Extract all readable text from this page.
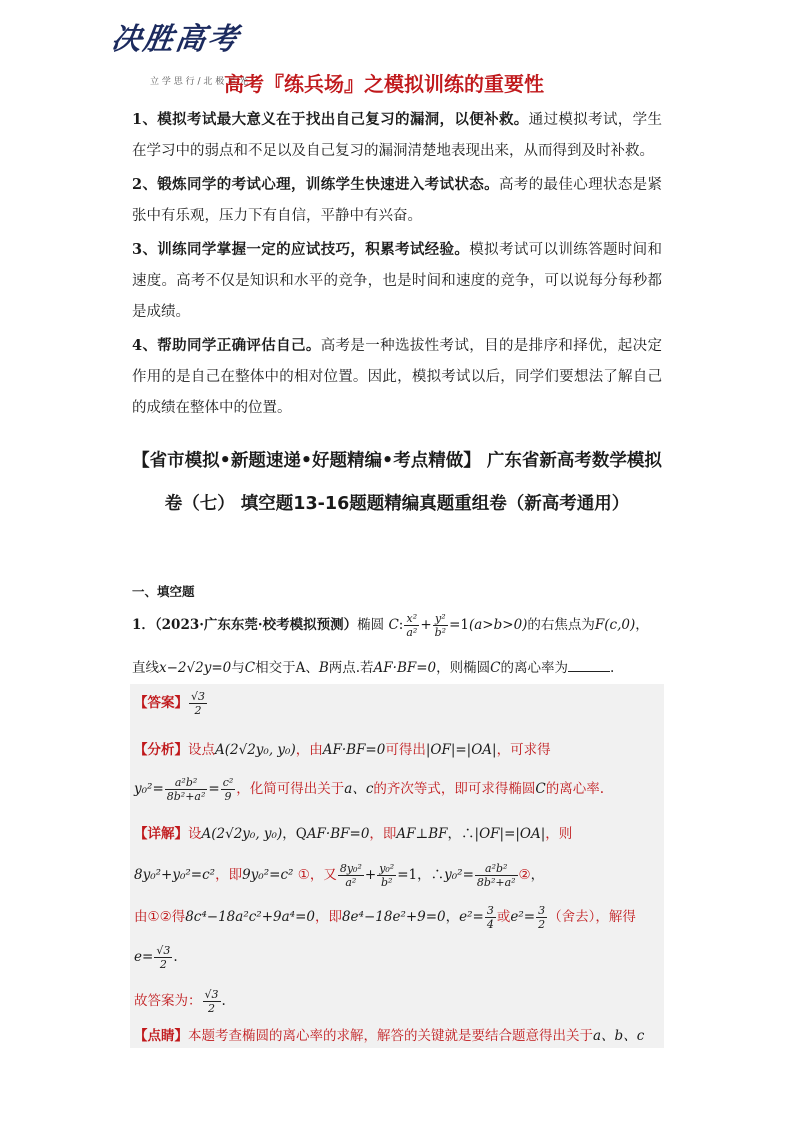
决胜高考
立 学 思 行 / 北 极 星 光
高考『练兵场』之模拟训练的重要性

1、模拟考试最大意义在于找出自己复习的漏洞，以便补救。通过模拟考试，学生在学习中的弱点和不足以及自己复习的漏洞清楚地表现出来，从而得到及时补救。

2、锻炼同学的考试心理，训练学生快速进入考试状态。高考的最佳心理状态是紧张中有乐观，压力下有自信，平静中有兴奋。

3、训练同学掌握一定的应试技巧，积累考试经验。模拟考试可以训练答题时间和速度。高考不仅是知识和水平的竞争，也是时间和速度的竞争，可以说每分每秒都是成绩。

4、帮助同学正确评估自己。高考是一种选拔性考试，目的是排序和择优，起决定作用的是自己在整体中的相对位置。因此，模拟考试以后，同学们要想法了解自己的成绩在整体中的位置。

【省市模拟•新题速递•好题精编•考点精做】 广东省新高考数学模拟卷（七） 填空题13-16题题精编真题重组卷（新高考通用）
一、填空题
1．（2023·广东东莞·校考模拟预测）椭圆 C: $\frac{\text{x²}}{\text{a²}} + \frac{\text{y²}}{\text{b²}} =1(a>b>0)$的右焦点为F(c,0)，
直线x−2√2y=0与C相交于A、B两点.若AF·BF=0，则椭圆C的离心率为	.
【答案】 $\frac{√3}{2}$
【分析】设点A(2√2y₀, y₀)，由AF·BF=0可得出|OF|=|OA|，可求得
$y_0^2= \frac{\text{a²b²}}{\text{8b²+a²}} = \frac{\text{c²}}{9}$ ，化简可得出关于a、c的齐次等式，即可求得椭圆C的离心率.
【详解】设A(2√2y₀, y₀)，QAF·BF=0，即AF⊥BF，∴|OF|=|OA|，则
8y₀²+y₀²=c²，即9y₀²=c² ①，又 $\frac{\text{8y₀²}}{\text{a²}} + \frac{\text{y₀²}}{\text{b²}} =1$，∴y₀²= $\frac{\text{a²b²}}{\text{8b²+a²}}$ ②，
由①②得8c⁴−18a²c²+9a⁴=0，即8e⁴−18e²+9=0，$e^2= \frac{3}{4}$ 或$e^2= \frac{3}{2}$ （舍去），解得
$e= \frac{√3}{2}$ .
故答案为： $\frac{√3}{2}$ .
【点睛】本题考查椭圆的离心率的求解，解答的关键就是要结合题意得出关于a、b、c
